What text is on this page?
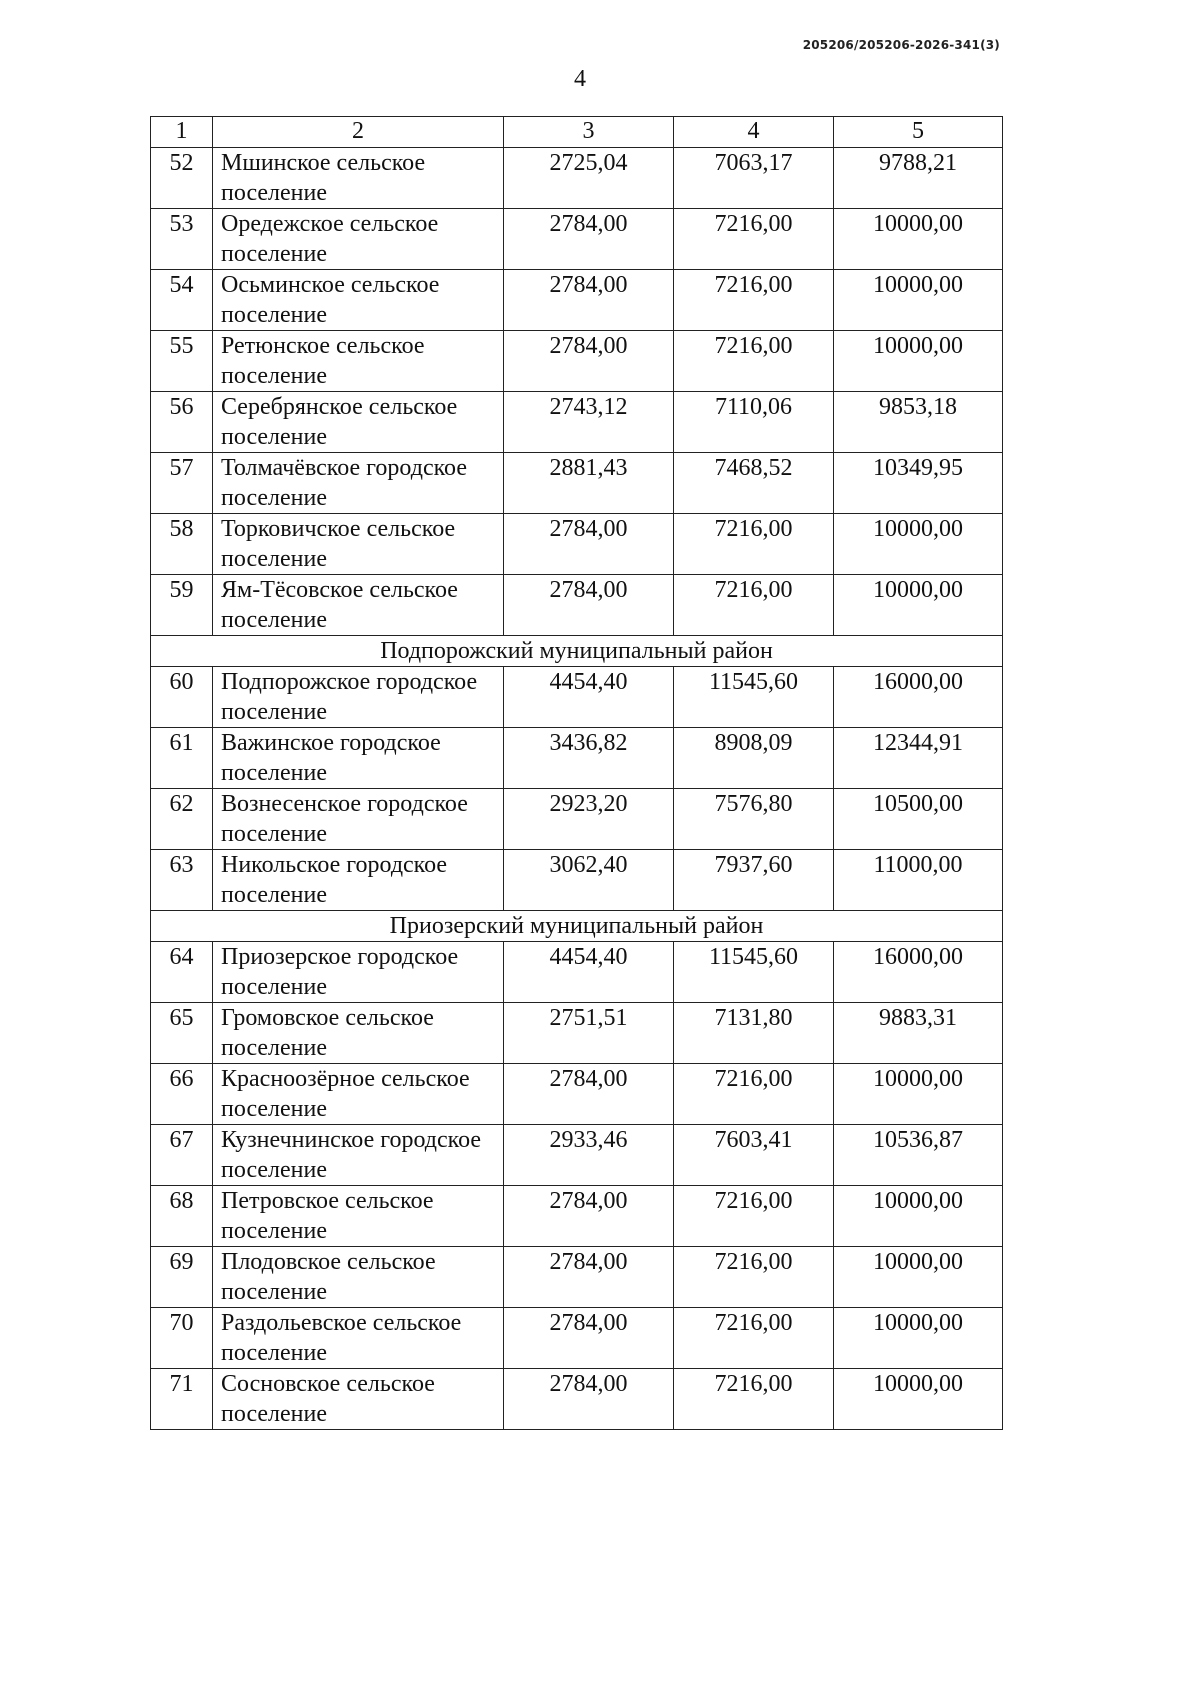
205206/205206-2026-341(3)
4
1	2	3	4	5
52	Мшинское сельское поселение	2725,04	7063,17	9788,21
53	Оредежское сельское поселение	2784,00	7216,00	10000,00
54	Осьминское сельское поселение	2784,00	7216,00	10000,00
55	Ретюнское сельское поселение	2784,00	7216,00	10000,00
56	Серебрянское сельское поселение	2743,12	7110,06	9853,18
57	Толмачёвское городское поселение	2881,43	7468,52	10349,95
58	Торковичское сельское поселение	2784,00	7216,00	10000,00
59	Ям-Тёсовское сельское поселение	2784,00	7216,00	10000,00
Подпорожский муниципальный район				
60	Подпорожское городское поселение	4454,40	11545,60	16000,00
61	Важинское городское поселение	3436,82	8908,09	12344,91
62	Вознесенское городское поселение	2923,20	7576,80	10500,00
63	Никольское городское поселение	3062,40	7937,60	11000,00
Приозерский муниципальный район				
64	Приозерское городское поселение	4454,40	11545,60	16000,00
65	Громовское сельское поселение	2751,51	7131,80	9883,31
66	Красноозёрное сельское поселение	2784,00	7216,00	10000,00
67	Кузнечнинское городское поселение	2933,46	7603,41	10536,87
68	Петровское сельское поселение	2784,00	7216,00	10000,00
69	Плодовское сельское поселение	2784,00	7216,00	10000,00
70	Раздольевское сельское поселение	2784,00	7216,00	10000,00
71	Сосновское сельское поселение	2784,00	7216,00	10000,00
